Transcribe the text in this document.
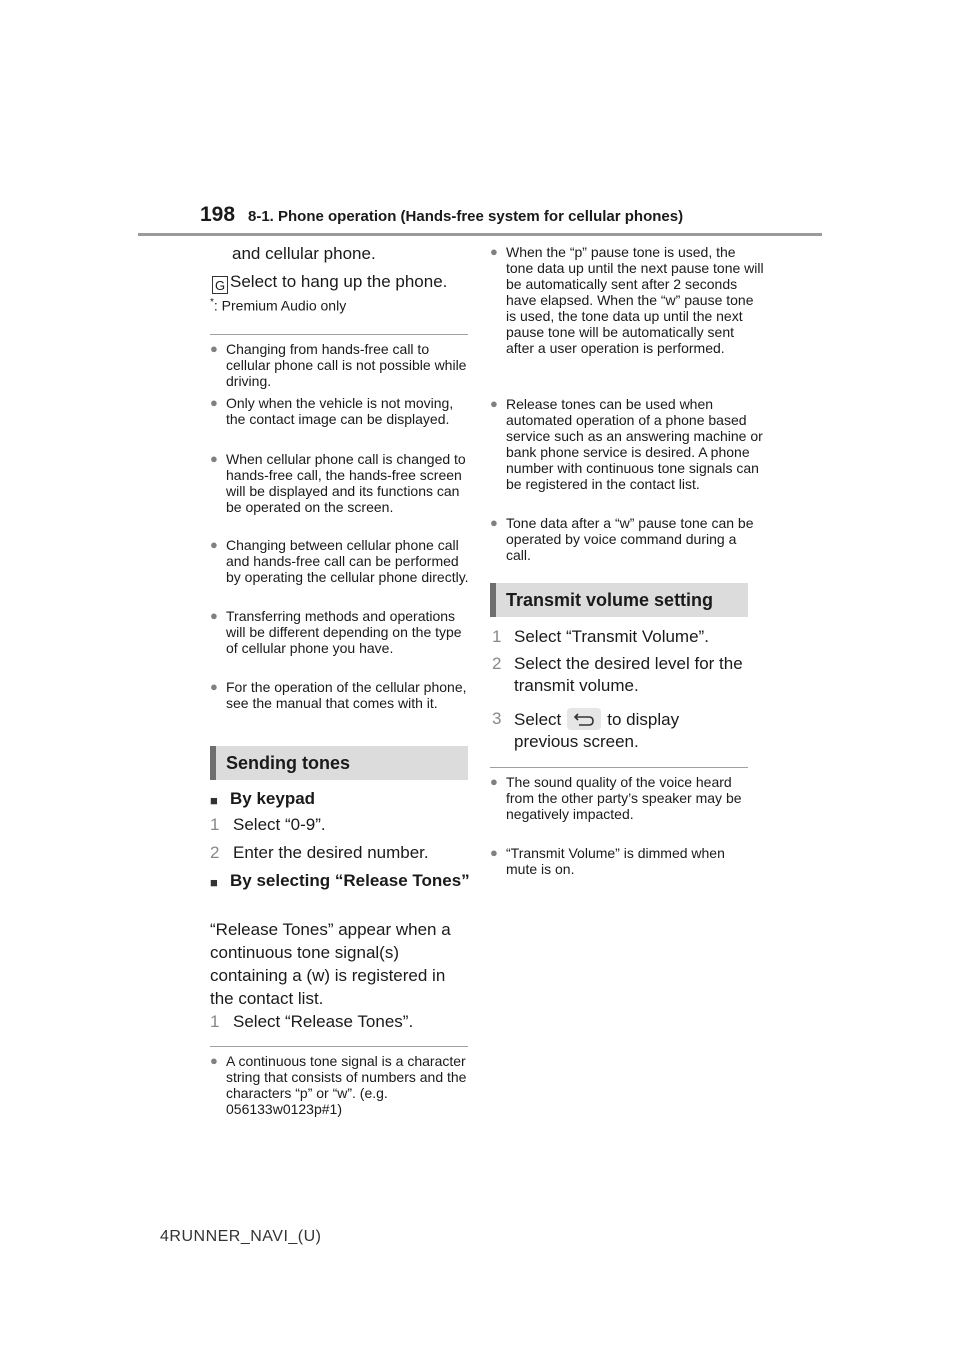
198 8-1. Phone operation (Hands-free system for cellular phones)
and cellular phone.
G Select to hang up the phone.
*: Premium Audio only
● Changing from hands-free call to cellular phone call is not possible while driving.
● Only when the vehicle is not moving, the contact image can be displayed.
● When cellular phone call is changed to hands-free call, the hands-free screen will be displayed and its functions can be operated on the screen.
● Changing between cellular phone call and hands-free call can be performed by operating the cellular phone directly.
● Transferring methods and operations will be different depending on the type of cellular phone you have.
● For the operation of the cellular phone, see the manual that comes with it.
Sending tones
■ By keypad
1 Select “0-9”.
2 Enter the desired number.
■ By selecting “Release Tones”
“Release Tones” appear when a continuous tone signal(s) containing a (w) is registered in the contact list.
1 Select “Release Tones”.
● A continuous tone signal is a character string that consists of numbers and the characters “p” or “w”. (e.g. 056133w0123p#1)
● When the “p” pause tone is used, the tone data up until the next pause tone will be automatically sent after 2 seconds have elapsed. When the “w” pause tone is used, the tone data up until the next pause tone will be automatically sent after a user operation is performed.
● Release tones can be used when automated operation of a phone based service such as an answering machine or bank phone service is desired. A phone number with continuous tone signals can be registered in the contact list.
● Tone data after a “w” pause tone can be operated by voice command during a call.
Transmit volume setting
1 Select “Transmit Volume”.
2 Select the desired level for the transmit volume.
3 Select	to display previous screen.
● The sound quality of the voice heard from the other party’s speaker may be negatively impacted.
● “Transmit Volume” is dimmed when mute is on.
4RUNNER_NAVI_(U)
